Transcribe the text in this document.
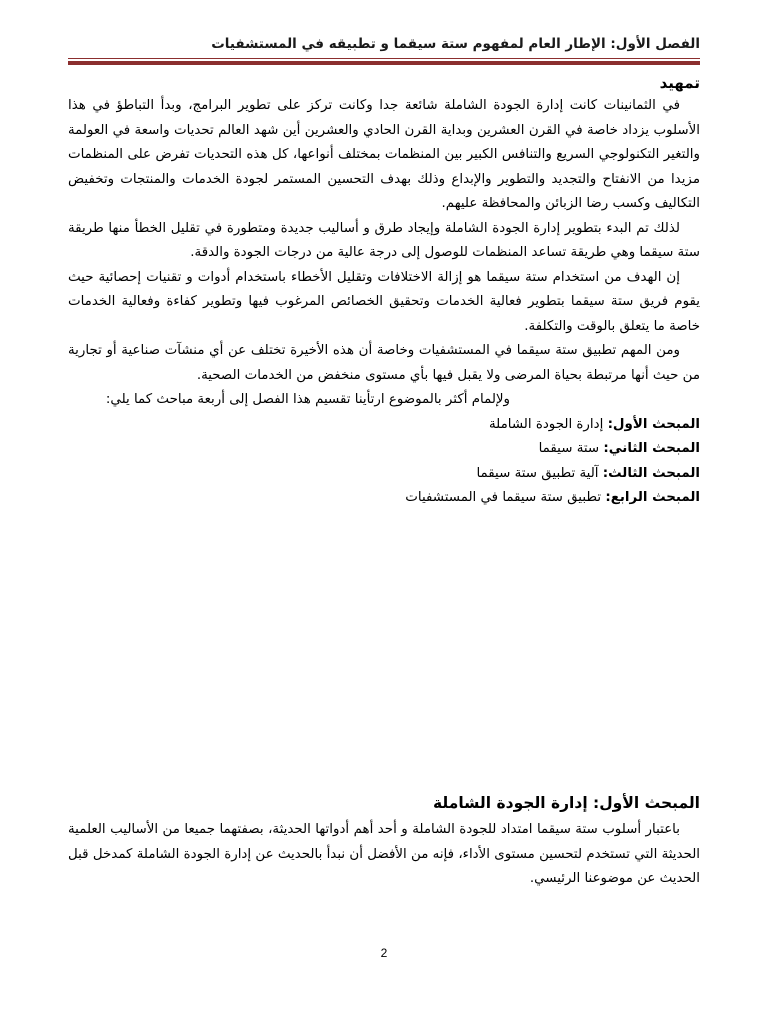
الفصل الأول: الإطار العام لمفهوم ستة سيقما و تطبيقه في المستشفيات
تمهيد

في الثمانينات كانت إدارة الجودة الشاملة شائعة جدا وكانت تركز على تطوير البرامج، وبدأ التباطؤ في هذا الأسلوب يزداد خاصة في القرن العشرين وبداية القرن الحادي والعشرين أين شهد العالم تحديات واسعة في العولمة والتغير التكنولوجي السريع والتنافس الكبير بين المنظمات بمختلف أنواعها، كل هذه التحديات تفرض على المنظمات مزيدا من الانفتاح والتجديد والتطوير والإبداع وذلك بهدف التحسين المستمر لجودة الخدمات والمنتجات وتخفيض التكاليف وكسب رضا الزبائن والمحافظة عليهم.

لذلك تم البدء بتطوير إدارة الجودة الشاملة وإيجاد طرق و أساليب جديدة ومتطورة في تقليل الخطأ منها طريقة ستة سيقما وهي طريقة تساعد المنظمات للوصول إلى درجة عالية من درجات الجودة والدقة.

إن الهدف من استخدام ستة سيقما هو إزالة الاختلافات وتقليل الأخطاء باستخدام أدوات و تقنيات إحصائية حيث يقوم فريق ستة سيقما بتطوير فعالية الخدمات وتحقيق الخصائص المرغوب فيها وتطوير كفاءة وفعالية الخدمات خاصة ما يتعلق بالوقت والتكلفة.

ومن المهم تطبيق ستة سيقما في المستشفيات وخاصة أن هذه الأخيرة تختلف عن أي منشآت صناعية أو تجارية من حيث أنها مرتبطة بحياة المرضى ولا يقبل فيها بأي مستوى منخفض من الخدمات الصحية.

ولإلمام أكثر بالموضوع ارتأينا تقسيم هذا الفصل إلى أربعة مباحث كما يلي:

المبحث الأول: إدارة الجودة الشاملة

المبحث الثاني: ستة سيقما

المبحث الثالث: آلية تطبيق ستة سيقما

المبحث الرابع: تطبيق ستة سيقما في المستشفيات

المبحث الأول: إدارة الجودة الشاملة

باعتبار أسلوب ستة سيقما امتداد للجودة الشاملة و أحد أهم أدواتها الحديثة، بصفتهما جميعا من الأساليب العلمية الحديثة التي تستخدم لتحسين مستوى الأداء، فإنه من الأفضل أن نبدأ بالحديث عن إدارة الجودة الشاملة كمدخل قبل الحديث عن موضوعنا الرئيسي.

2
